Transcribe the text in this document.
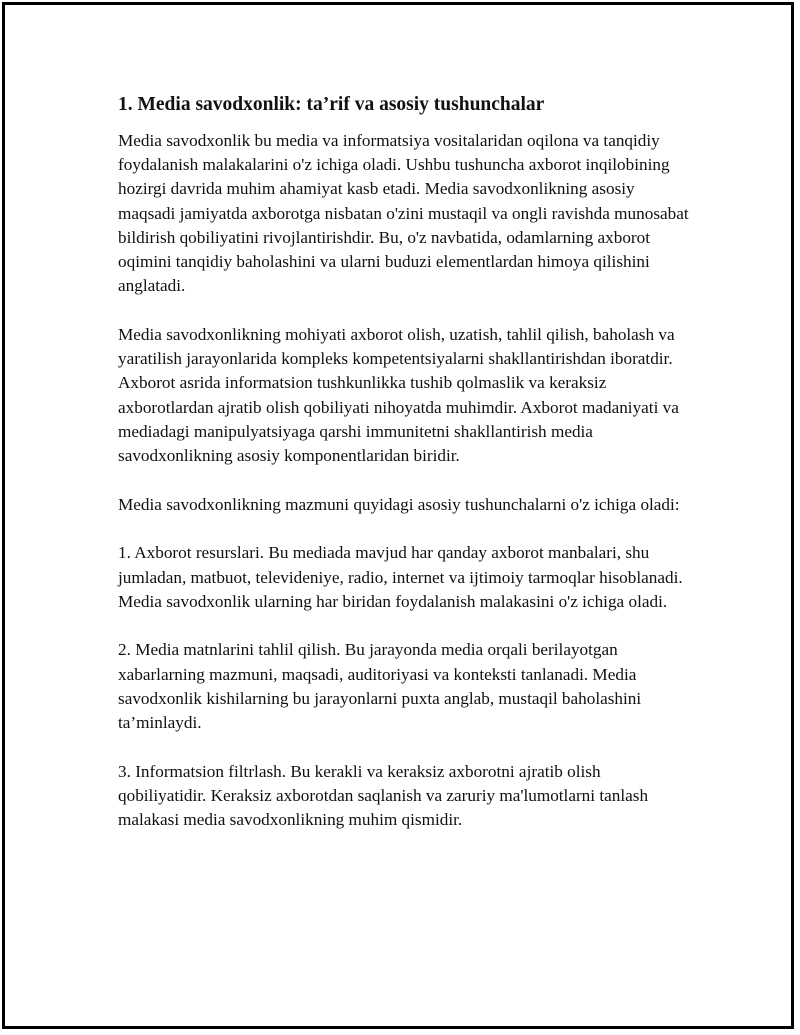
1. Media savodxonlik: ta’rif va asosiy tushunchalar

Media savodxonlik bu media va informatsiya vositalaridan oqilona va tanqidiy foydalanish malakalarini o'z ichiga oladi. Ushbu tushuncha axborot inqilobining hozirgi davrida muhim ahamiyat kasb etadi. Media savodxonlikning asosiy maqsadi jamiyatda axborotga nisbatan o'zini mustaqil va ongli ravishda munosabat bildirish qobiliyatini rivojlantirishdir. Bu, o'z navbatida, odamlarning axborot oqimini tanqidiy baholashini va ularni buduzi elementlardan himoya qilishini anglatadi.

Media savodxonlikning mohiyati axborot olish, uzatish, tahlil qilish, baholash va yaratilish jarayonlarida kompleks kompetentsiyalarni shakllantirishdan iboratdir. Axborot asrida informatsion tushkunlikka tushib qolmaslik va keraksiz axborotlardan ajratib olish qobiliyati nihoyatda muhimdir. Axborot madaniyati va mediadagi manipulyatsiyaga qarshi immunitetni shakllantirish media savodxonlikning asosiy komponentlaridan biridir.

Media savodxonlikning mazmuni quyidagi asosiy tushunchalarni o'z ichiga oladi:

1. Axborot resurslari. Bu mediada mavjud har qanday axborot manbalari, shu jumladan, matbuot, televideniye, radio, internet va ijtimoiy tarmoqlar hisoblanadi. Media savodxonlik ularning har biridan foydalanish malakasini o'z ichiga oladi.

2. Media matnlarini tahlil qilish. Bu jarayonda media orqali berilayotgan xabarlarning mazmuni, maqsadi, auditoriyasi va konteksti tanlanadi. Media savodxonlik kishilarning bu jarayonlarni puxta anglab, mustaqil baholashini ta’minlaydi.

3. Informatsion filtrlash. Bu kerakli va keraksiz axborotni ajratib olish qobiliyatidir. Keraksiz axborotdan saqlanish va zaruriy ma'lumotlarni tanlash malakasi media savodxonlikning muhim qismidir.
